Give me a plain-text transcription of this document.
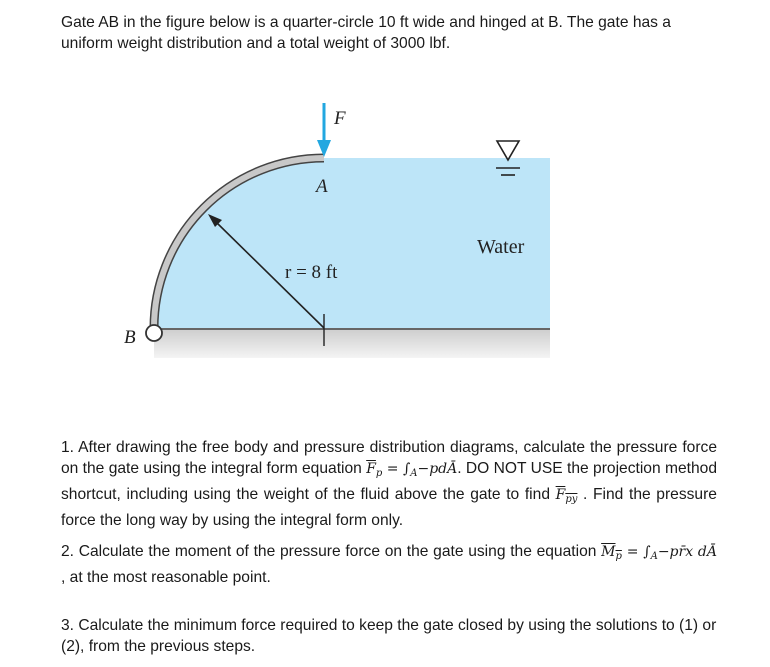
Gate AB in the figure below is a quarter-circle 10 ft wide and hinged at B. The gate has a
uniform weight distribution and a total weight of 3000 lbf.

F
A
r = 8 ft
Water
B

1. After drawing the free body and pressure distribution diagrams, calculate the pressure force on the gate using the integral form equation $\overline{F}_p$ = $\int_A-pdĀ$. DO NOT USE the projection method shortcut, including using the weight of the fluid above the gate to find $F_{py}$ . Find the pressure force the long way by using the integral form only.

2. Calculate the moment of the pressure force on the gate using the equation $M_p$ = $\int_A-pr̄x$ dĀ , at the most reasonable point.

3. Calculate the minimum force required to keep the gate closed by using the solutions to (1) or (2), from the previous steps.
